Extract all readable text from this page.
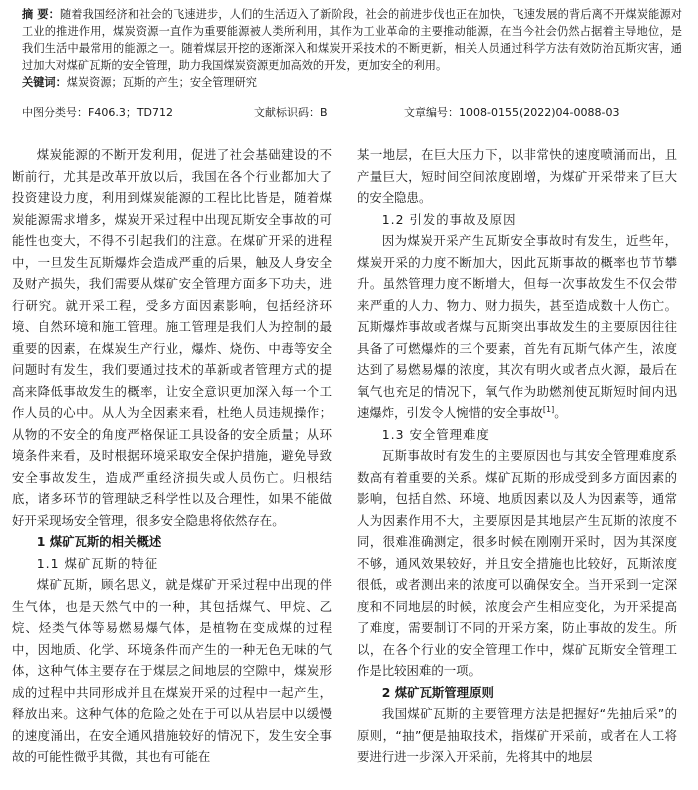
摘 要：随着我国经济和社会的飞速进步，人们的生活迈入了新阶段，社会的前进步伐也正在加快，飞速发展的背后离不开煤炭能源对工业的推进作用，煤炭资源一直作为重要能源被人类所利用，其作为工业革命的主要推动能源，在当今社会仍然占据着主导地位，是我们生活中最常用的能源之一。随着煤层开挖的逐渐深入和煤炭开采技术的不断更新，相关人员通过科学方法有效防治瓦斯灾害，通过加大对煤矿瓦斯的安全管理，助力我国煤炭资源更加高效的开发，更加安全的利用。

关键词：煤炭资源；瓦斯的产生；安全管理研究

中图分类号：F406.3；TD712	文献标识码：B	文章编号：1008-0155(2022)04-0088-03

煤炭能源的不断开发利用，促进了社会基础建设的不断前行，尤其是改革开放以后，我国在各个行业都加大了投资建设力度，利用到煤炭能源的工程比比皆是，随着煤炭能源需求增多，煤炭开采过程中出现瓦斯安全事故的可能性也变大，不得不引起我们的注意。在煤矿开采的进程中，一旦发生瓦斯爆炸会造成严重的后果，触及人身安全及财产损失，我们需要从煤矿安全管理方面多下功夫，进行研究。就开采工程，受多方面因素影响，包括经济环境、自然环境和施工管理。施工管理是我们人为控制的最重要的因素，在煤炭生产行业，爆炸、烧伤、中毒等安全问题时有发生，我们要通过技术的革新或者管理方式的提高来降低事故发生的概率，让安全意识更加深入每一个工作人员的心中。从人为全因素来看，杜绝人员违规操作；从物的不安全的角度严格保证工具设备的安全质量；从环境条件来看，及时根据环境采取安全保护措施，避免导致安全事故发生，造成严重经济损失或人员伤亡。归根结底，诸多环节的管理缺乏科学性以及合理性，如果不能做好开采现场安全管理，很多安全隐患将依然存在。

1 煤矿瓦斯的相关概述
1.1 煤矿瓦斯的特征

煤矿瓦斯，顾名思义，就是煤矿开采过程中出现的伴生气体，也是天然气中的一种，其包括煤气、甲烷、乙烷、烃类气体等易燃易爆气体，是植物在变成煤的过程中，因地质、化学、环境条件而产生的一种无色无味的气体，这种气体主要存在于煤层之间地层的空隙中，煤炭形成的过程中共同形成并且在煤炭开采的过程中一起产生，释放出来。这种气体的危险之处在于可以从岩层中以缓慢的速度涌出，在安全通风措施较好的情况下，发生安全事故的可能性微乎其微，其也有可能在

某一地层，在巨大压力下，以非常快的速度喷涌而出，且产量巨大，短时间空间浓度剧增，为煤矿开采带来了巨大的安全隐患。

1.2 引发的事故及原因

因为煤炭开采产生瓦斯安全事故时有发生，近些年，煤炭开采的力度不断加大，因此瓦斯事故的概率也节节攀升。虽然管理力度不断增大，但每一次事故发生不仅会带来严重的人力、物力、财力损失，甚至造成数十人伤亡。瓦斯爆炸事故或者煤与瓦斯突出事故发生的主要原因往往具备了可燃爆炸的三个要素，首先有瓦斯气体产生，浓度达到了易燃易爆的浓度，其次有明火或者点火源，最后在氧气也充足的情况下，氧气作为助燃剂使瓦斯短时间内迅速爆炸，引发令人惋惜的安全事故[1]。

1.3 安全管理难度

瓦斯事故时有发生的主要原因也与其安全管理难度系数高有着重要的关系。煤矿瓦斯的形成受到多方面因素的影响，包括自然、环境、地质因素以及人为因素等，通常人为因素作用不大，主要原因是其地层产生瓦斯的浓度不同，很难准确测定，很多时候在刚刚开采时，因为其深度不够，通风效果较好，并且安全措施也比较好，瓦斯浓度很低，或者测出来的浓度可以确保安全。当开采到一定深度和不同地层的时候，浓度会产生相应变化，为开采提高了难度，需要制订不同的开采方案，防止事故的发生。所以，在各个行业的安全管理工作中，煤矿瓦斯安全管理工作是比较困难的一项。

2 煤矿瓦斯管理原则

我国煤矿瓦斯的主要管理方法是把握好“先抽后采”的原则，“抽”便是抽取技术，指煤矿开采前，或者在人工将要进行进一步深入开采前，先将其中的地层
